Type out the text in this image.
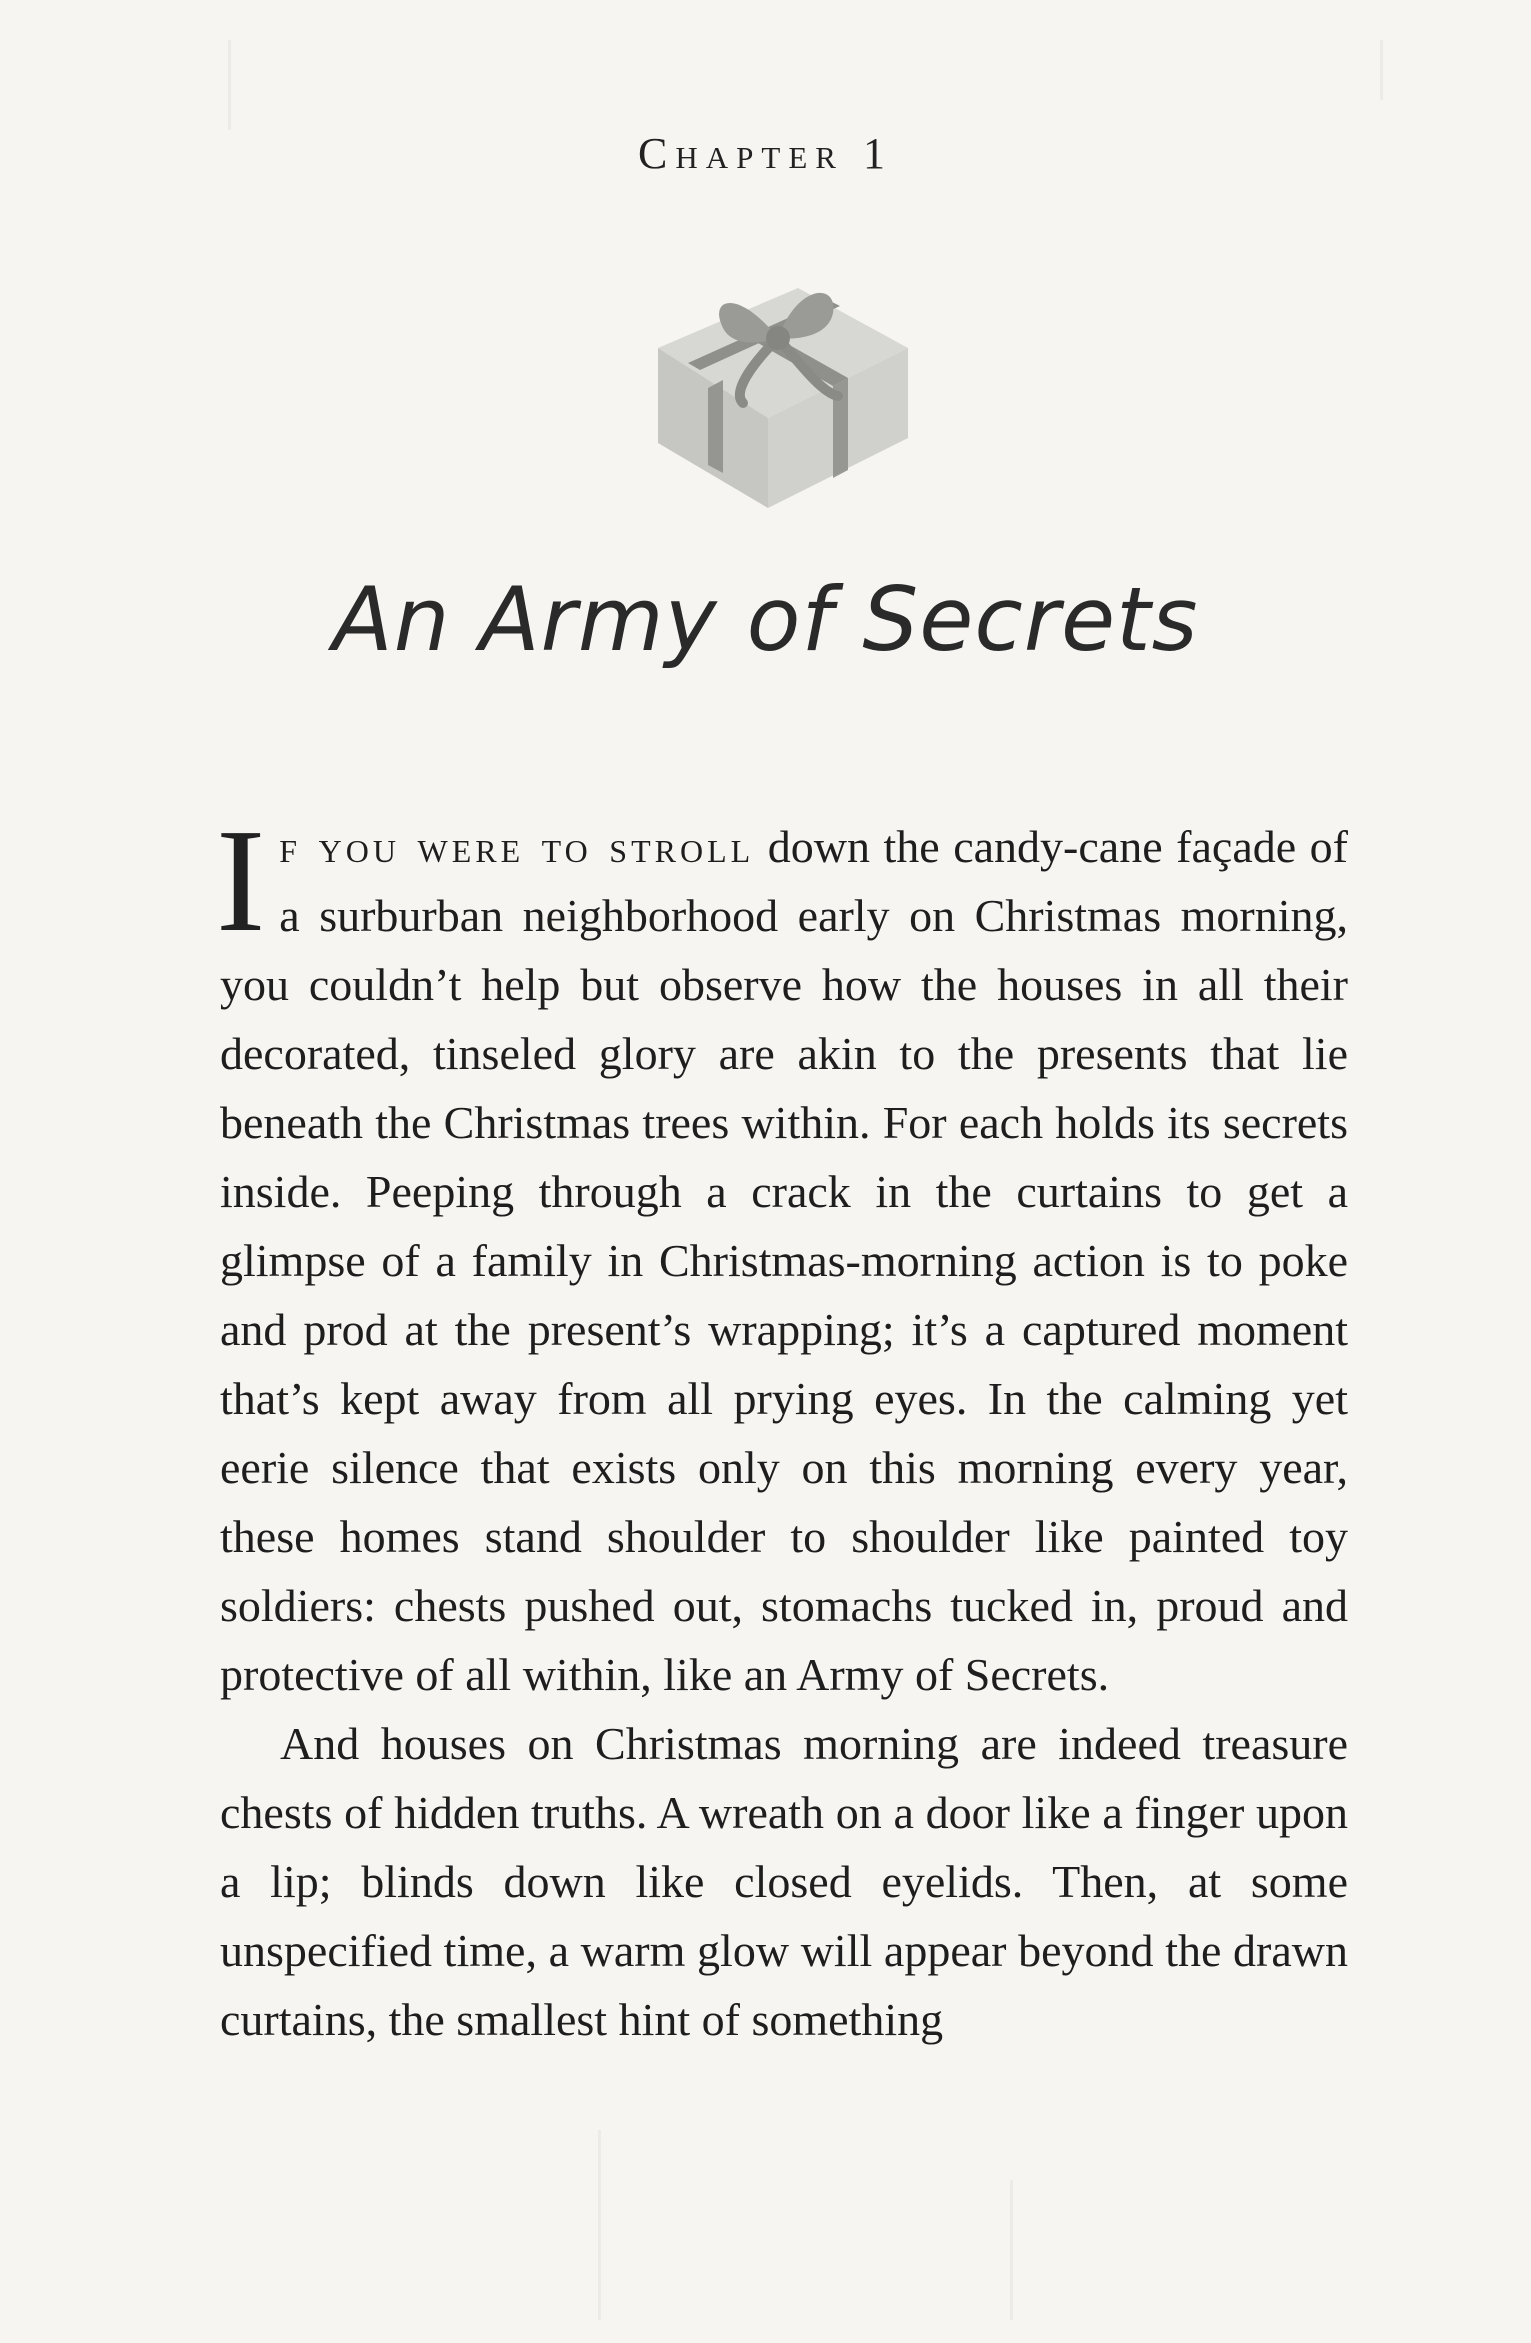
Chapter 1
An Army of Secrets

If you were to stroll down the candy-cane façade of a surburban neighborhood early on Christmas morning, you couldn’t help but observe how the houses in all their decorated, tinseled glory are akin to the presents that lie beneath the Christmas trees within. For each holds its secrets inside. Peeping through a crack in the curtains to get a glimpse of a family in Christmas-morning action is to poke and prod at the present’s wrapping; it’s a captured moment that’s kept away from all prying eyes. In the calming yet eerie silence that exists only on this morning every year, these homes stand shoulder to shoulder like painted toy soldiers: chests pushed out, stomachs tucked in, proud and protective of all within, like an Army of Secrets.

And houses on Christmas morning are indeed treasure chests of hidden truths. A wreath on a door like a finger upon a lip; blinds down like closed eyelids. Then, at some unspecified time, a warm glow will appear beyond the drawn curtains, the smallest hint of something
